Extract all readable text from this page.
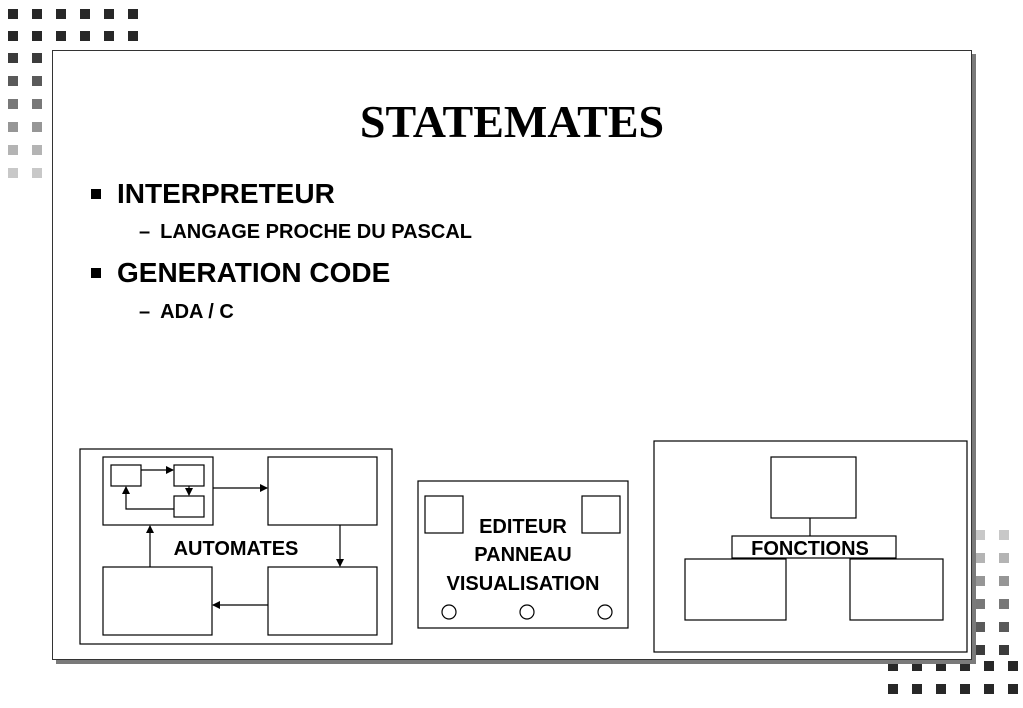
STATEMATES
INTERPRETEUR
– LANGAGE PROCHE DU PASCAL
GENERATION CODE
– ADA / C
AUTOMATES
EDITEUR
PANNEAU
VISUALISATION
FONCTIONS
